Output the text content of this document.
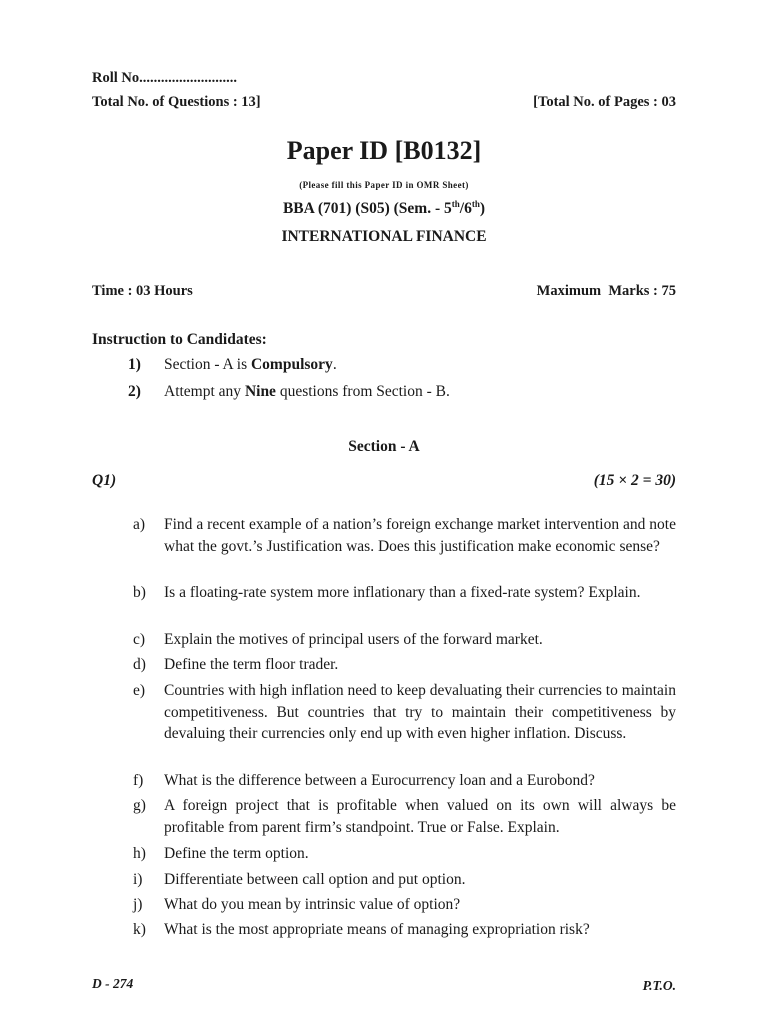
Roll No...........................
Total No. of Questions : 13]	[Total No. of Pages : 03
Paper ID [B0132]
(Please fill this Paper ID in OMR Sheet)
BBA (701) (S05) (Sem. - 5th/6th)
INTERNATIONAL FINANCE
Time : 03 Hours	Maximum  Marks : 75
Instruction to Candidates:
1) Section - A is Compulsory.
2) Attempt any Nine questions from Section - B.
Section - A
Q1)	(15 × 2 = 30)
a)	Find a recent example of a nation’s foreign exchange market intervention and note what the govt.’s Justification was. Does this justification make economic sense?
b)	Is a floating-rate system more inflationary than a fixed-rate system? Explain.
c)	Explain the motives of principal users of the forward market.
d)	Define the term floor trader.
e)	Countries with high inflation need to keep devaluating their currencies to maintain competitiveness. But countries that try to maintain their competitiveness by devaluing their currencies only end up with even higher inflation. Discuss.
f)	What is the difference between a Eurocurrency loan and a Eurobond?
g)	A foreign project that is profitable when valued on its own will always be profitable from parent firm’s standpoint. True or False. Explain.
h)	Define the term option.
i)	Differentiate between call option and put option.
j)	What do you mean by intrinsic value of option?
k)	What is the most appropriate means of managing expropriation risk?
D - 274	P.T.O.
